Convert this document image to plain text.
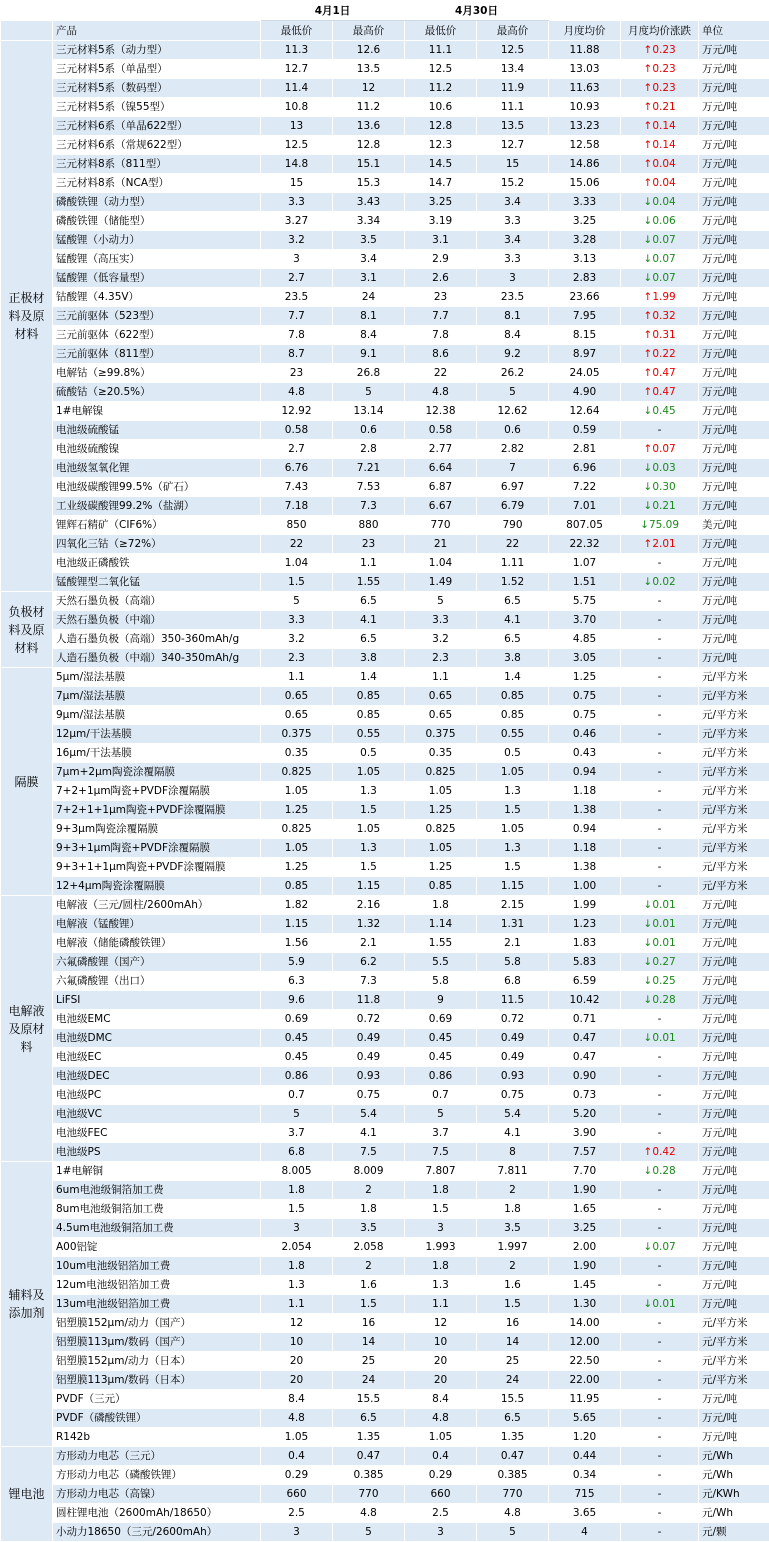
		4月1日		4月30日				
	产品	最低价	最高价	最低价	最高价	月度均价	月度均价涨跌	单位
正极材料及原材料	三元材料5系（动力型）	11.3	12.6	11.1	12.5	11.88	↑0.23	万元/吨
	三元材料5系（单晶型）	12.7	13.5	12.5	13.4	13.03	↑0.23	万元/吨
	三元材料5系（数码型）	11.4	12	11.2	11.9	11.63	↑0.23	万元/吨
	三元材料5系（镍55型）	10.8	11.2	10.6	11.1	10.93	↑0.21	万元/吨
	三元材料6系（单晶622型）	13	13.6	12.8	13.5	13.23	↑0.14	万元/吨
	三元材料6系（常规622型）	12.5	12.8	12.3	12.7	12.58	↑0.14	万元/吨
	三元材料8系（811型）	14.8	15.1	14.5	15	14.86	↑0.04	万元/吨
	三元材料8系（NCA型）	15	15.3	14.7	15.2	15.06	↑0.04	万元/吨
	磷酸铁锂（动力型）	3.3	3.43	3.25	3.4	3.33	↓0.04	万元/吨
	磷酸铁锂（储能型）	3.27	3.34	3.19	3.3	3.25	↓0.06	万元/吨
	锰酸锂（小动力）	3.2	3.5	3.1	3.4	3.28	↓0.07	万元/吨
	锰酸锂（高压实）	3	3.4	2.9	3.3	3.13	↓0.07	万元/吨
	锰酸锂（低容量型）	2.7	3.1	2.6	3	2.83	↓0.07	万元/吨
	钴酸锂（4.35V）	23.5	24	23	23.5	23.66	↑1.99	万元/吨
	三元前驱体（523型）	7.7	8.1	7.7	8.1	7.95	↑0.32	万元/吨
	三元前驱体（622型）	7.8	8.4	7.8	8.4	8.15	↑0.31	万元/吨
	三元前驱体（811型）	8.7	9.1	8.6	9.2	8.97	↑0.22	万元/吨
	电解钴（≥99.8%）	23	26.8	22	26.2	24.05	↑0.47	万元/吨
	硫酸钴（≥20.5%）	4.8	5	4.8	5	4.90	↑0.47	万元/吨
	1#电解镍	12.92	13.14	12.38	12.62	12.64	↓0.45	万元/吨
	电池级硫酸锰	0.58	0.6	0.58	0.6	0.59	-	万元/吨
	电池级硫酸镍	2.7	2.8	2.77	2.82	2.81	↑0.07	万元/吨
	电池级氢氧化锂	6.76	7.21	6.64	7	6.96	↓0.03	万元/吨
	电池级碳酸锂99.5%（矿石）	7.43	7.53	6.87	6.97	7.22	↓0.30	万元/吨
	工业级碳酸锂99.2%（盐湖）	7.18	7.3	6.67	6.79	7.01	↓0.21	万元/吨
	锂辉石精矿（CIF6%）	850	880	770	790	807.05	↓75.09	美元/吨
	四氧化三钴（≥72%）	22	23	21	22	22.32	↑2.01	万元/吨
	电池级正磷酸铁	1.04	1.1	1.04	1.11	1.07	-	万元/吨
	锰酸锂型二氧化锰	1.5	1.55	1.49	1.52	1.51	↓0.02	万元/吨
负极材料及原材料	天然石墨负极（高端）	5	6.5	5	6.5	5.75	-	万元/吨
	天然石墨负极（中端）	3.3	4.1	3.3	4.1	3.70	-	万元/吨
	人造石墨负极（高端）350-360mAh/g	3.2	6.5	3.2	6.5	4.85	-	万元/吨
	人造石墨负极（中端）340-350mAh/g	2.3	3.8	2.3	3.8	3.05	-	万元/吨
隔膜	5μm/湿法基膜	1.1	1.4	1.1	1.4	1.25	-	元/平方米
	7μm/湿法基膜	0.65	0.85	0.65	0.85	0.75	-	元/平方米
	9μm/湿法基膜	0.65	0.85	0.65	0.85	0.75	-	元/平方米
	12μm/干法基膜	0.375	0.55	0.375	0.55	0.46	-	元/平方米
	16μm/干法基膜	0.35	0.5	0.35	0.5	0.43	-	元/平方米
	7μm+2μm陶瓷涂覆隔膜	0.825	1.05	0.825	1.05	0.94	-	元/平方米
	7+2+1μm陶瓷+PVDF涂覆隔膜	1.05	1.3	1.05	1.3	1.18	-	元/平方米
	7+2+1+1μm陶瓷+PVDF涂覆隔膜	1.25	1.5	1.25	1.5	1.38	-	元/平方米
	9+3μm陶瓷涂覆隔膜	0.825	1.05	0.825	1.05	0.94	-	元/平方米
	9+3+1μm陶瓷+PVDF涂覆隔膜	1.05	1.3	1.05	1.3	1.18	-	元/平方米
	9+3+1+1μm陶瓷+PVDF涂覆隔膜	1.25	1.5	1.25	1.5	1.38	-	元/平方米
	12+4μm陶瓷涂覆隔膜	0.85	1.15	0.85	1.15	1.00	-	元/平方米
电解液及原材料	电解液（三元/圆柱/2600mAh）	1.82	2.16	1.8	2.15	1.99	↓0.01	万元/吨
	电解液（锰酸锂）	1.15	1.32	1.14	1.31	1.23	↓0.01	万元/吨
	电解液（储能磷酸铁锂）	1.56	2.1	1.55	2.1	1.83	↓0.01	万元/吨
	六氟磷酸锂（国产）	5.9	6.2	5.5	5.8	5.83	↓0.27	万元/吨
	六氟磷酸锂（出口）	6.3	7.3	5.8	6.8	6.59	↓0.25	万元/吨
	LiFSI	9.6	11.8	9	11.5	10.42	↓0.28	万元/吨
	电池级EMC	0.69	0.72	0.69	0.72	0.71	-	万元/吨
	电池级DMC	0.45	0.49	0.45	0.49	0.47	↓0.01	万元/吨
	电池级EC	0.45	0.49	0.45	0.49	0.47	-	万元/吨
	电池级DEC	0.86	0.93	0.86	0.93	0.90	-	万元/吨
	电池级PC	0.7	0.75	0.7	0.75	0.73	-	万元/吨
	电池级VC	5	5.4	5	5.4	5.20	-	万元/吨
	电池级FEC	3.7	4.1	3.7	4.1	3.90	-	万元/吨
	电池级PS	6.8	7.5	7.5	8	7.57	↑0.42	万元/吨
辅料及添加剂	1#电解铜	8.005	8.009	7.807	7.811	7.70	↓0.28	万元/吨
	6um电池级铜箔加工费	1.8	2	1.8	2	1.90	-	万元/吨
	8um电池级铜箔加工费	1.5	1.8	1.5	1.8	1.65	-	万元/吨
	4.5um电池级铜箔加工费	3	3.5	3	3.5	3.25	-	万元/吨
	A00铝锭	2.054	2.058	1.993	1.997	2.00	↓0.07	万元/吨
	10um电池级铝箔加工费	1.8	2	1.8	2	1.90	-	万元/吨
	12um电池级铝箔加工费	1.3	1.6	1.3	1.6	1.45	-	万元/吨
	13um电池级铝箔加工费	1.1	1.5	1.1	1.5	1.30	↓0.01	万元/吨
	铝塑膜152μm/动力（国产）	12	16	12	16	14.00	-	元/平方米
	铝塑膜113μm/数码（国产）	10	14	10	14	12.00	-	元/平方米
	铝塑膜152μm/动力（日本）	20	25	20	25	22.50	-	元/平方米
	铝塑膜113μm/数码（日本）	20	24	20	24	22.00	-	元/平方米
	PVDF（三元）	8.4	15.5	8.4	15.5	11.95	-	万元/吨
	PVDF（磷酸铁锂）	4.8	6.5	4.8	6.5	5.65	-	万元/吨
	R142b	1.05	1.35	1.05	1.35	1.20	-	万元/吨
锂电池	方形动力电芯（三元）	0.4	0.47	0.4	0.47	0.44	-	元/Wh
	方形动力电芯（磷酸铁锂）	0.29	0.385	0.29	0.385	0.34	-	元/Wh
	方形动力电芯（高镍）	660	770	660	770	715	-	元/KWh
	圆柱锂电池（2600mAh/18650）	2.5	4.8	2.5	4.8	3.65	-	元/Wh
	小动力18650（三元/2600mAh）	3	5	3	5	4	-	元/颗
